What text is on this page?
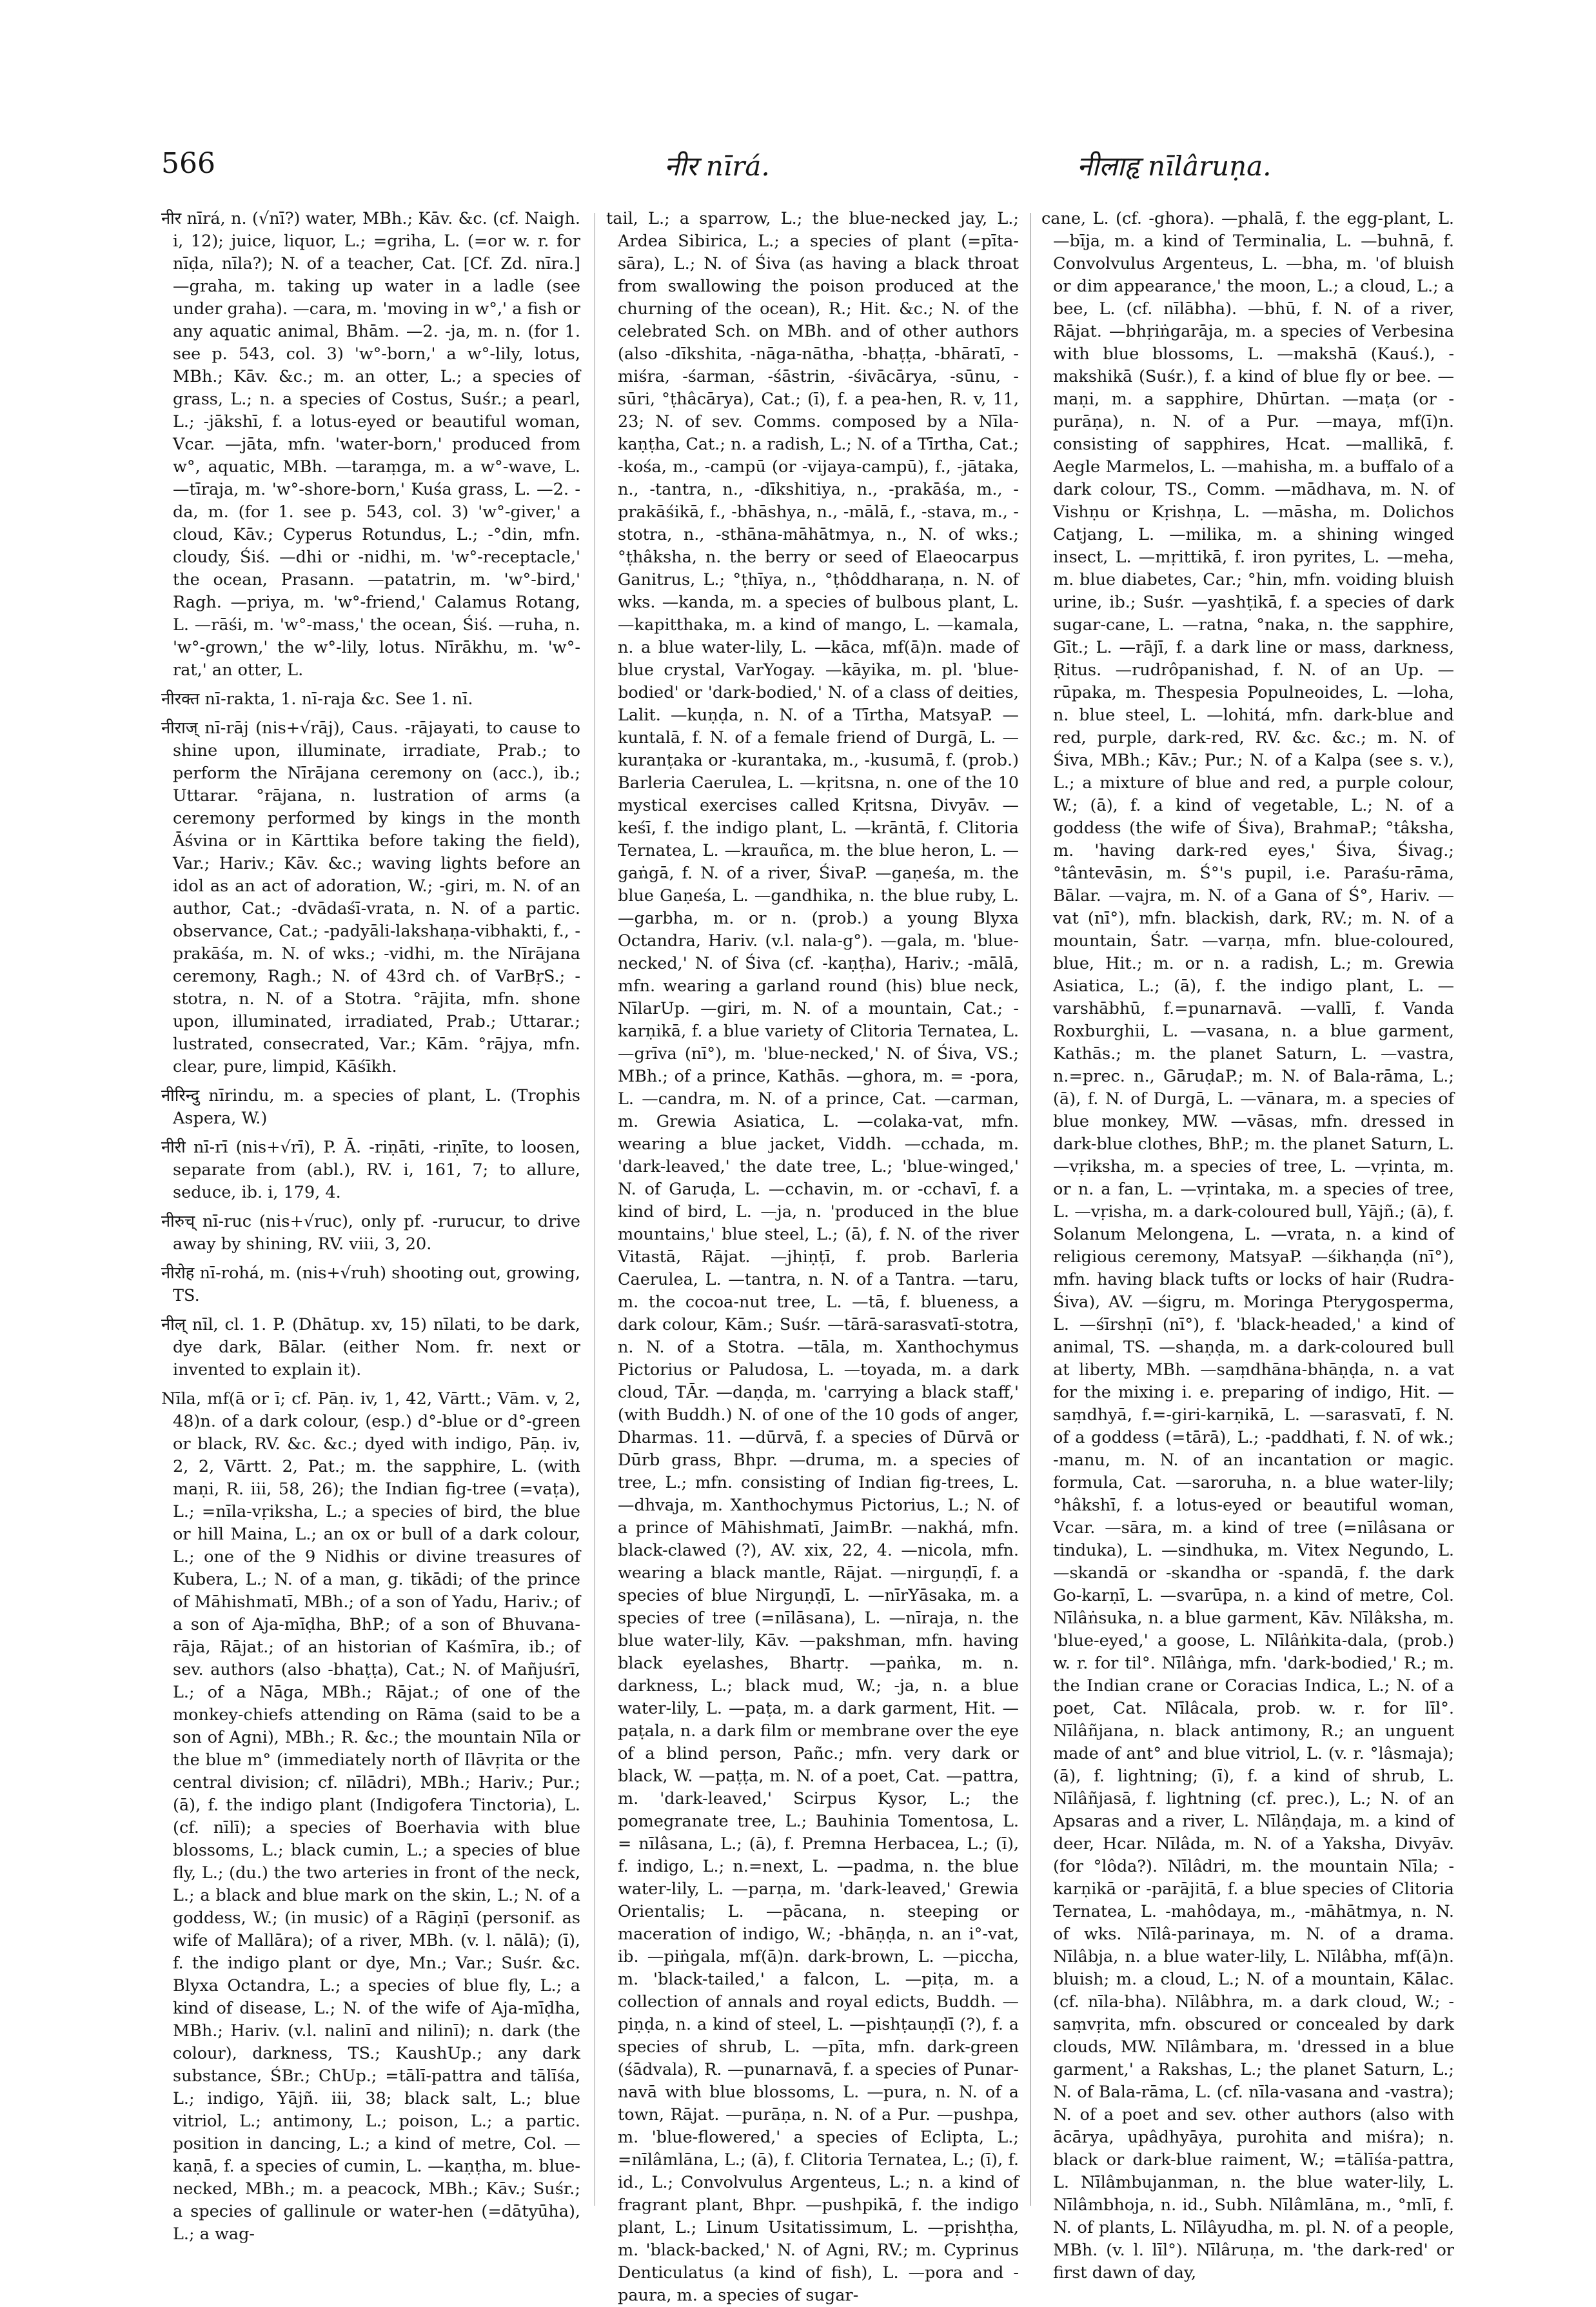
566	नीर nīrá.	नीलाहृ nīlâruṇa.

नीर nīrá, n. (√nī?) water, MBh.; Kāv. &c. (cf. Naigh. i, 12); juice, liquor, L.; =griha, L. (=or w. r. for nīḍa, nīla?); N. of a teacher, Cat. [Cf. Zd. nīra.] —graha, m. taking up water in a ladle (see under graha). —cara, m. 'moving in w°,' a fish or any aquatic animal, Bhām. —2. -ja, m. n. (for 1. see p. 543, col. 3) 'w°-born,' a w°-lily, lotus, MBh.; Kāv. &c.; m. an otter, L.; a species of grass, L.; n. a species of Costus, Suśr.; a pearl, L.; -jākshī, f. a lotus-eyed or beautiful woman, Vcar. —jāta, mfn. 'water-born,' produced from w°, aquatic, MBh. —taraṃga, m. a w°-wave, L. —tīraja, m. 'w°-shore-born,' Kuśa grass, L. —2. -da, m. (for 1. see p. 543, col. 3) 'w°-giver,' a cloud, Kāv.; Cyperus Rotundus, L.; -°din, mfn. cloudy, Śiś. —dhi or -nidhi, m. 'w°-receptacle,' the ocean, Prasann. —patatrin, m. 'w°-bird,' Ragh. —priya, m. 'w°-friend,' Calamus Rotang, L. —rāśi, m. 'w°-mass,' the ocean, Śiś. —ruha, n. 'w°-grown,' the w°-lily, lotus. Nīrākhu, m. 'w°-rat,' an otter, L.

नीरक्त nī-rakta, 1. nī-raja &c. See 1. nī.

नीराज् nī-rāj (nis+√rāj), Caus. -rājayati, to cause to shine upon, illuminate, irradiate, Prab.; to perform the Nīrājana ceremony on (acc.), ib.; Uttarar. °rājana, n. lustration of arms (a ceremony performed by kings in the month Āśvina or in Kārttika before taking the field), Var.; Hariv.; Kāv. &c.; waving lights before an idol as an act of adoration, W.; -giri, m. N. of an author, Cat.; -dvādaśī-vrata, n. N. of a partic. observance, Cat.; -padyāli-lakshaṇa-vibhakti, f., -prakāśa, m. N. of wks.; -vidhi, m. the Nīrājana ceremony, Ragh.; N. of 43rd ch. of VarBṛS.; -stotra, n. N. of a Stotra. °rājita, mfn. shone upon, illuminated, irradiated, Prab.; Uttarar.; lustrated, consecrated, Var.; Kām. °rājya, mfn. clear, pure, limpid, Kāśīkh.

नीरिन्दु nīrindu, m. a species of plant, L. (Trophis Aspera, W.)

नीरी nī-rī (nis+√rī), P. Ā. -riṇāti, -riṇīte, to loosen, separate from (abl.), RV. i, 161, 7; to allure, seduce, ib. i, 179, 4.

नीरुच् nī-ruc (nis+√ruc), only pf. -rurucur, to drive away by shining, RV. viii, 3, 20.

नीरोह nī-rohá, m. (nis+√ruh) shooting out, growing, TS.

नील् nīl, cl. 1. P. (Dhātup. xv, 15) nīlati, to be dark, dye dark, Bālar. (either Nom. fr. next or invented to explain it).

Nīla, mf(ā or ī; cf. Pāṇ. iv, 1, 42, Vārtt.; Vām. v, 2, 48)n. of a dark colour, (esp.) d°-blue or d°-green or black, RV. &c. &c.; dyed with indigo, Pāṇ. iv, 2, 2, Vārtt. 2, Pat.; m. the sapphire, L. (with maṇi, R. iii, 58, 26); the Indian fig-tree (=vaṭa), L.; =nīla-vṛiksha, L.; a species of bird, the blue or hill Maina, L.; an ox or bull of a dark colour, L.; one of the 9 Nidhis or divine treasures of Kubera, L.; N. of a man, g. tikādi; of the prince of Māhishmatī, MBh.; of a son of Yadu, Hariv.; of a son of Aja-mīḍha, BhP.; of a son of Bhuvana-rāja, Rājat.; of an historian of Kaśmīra, ib.; of sev. authors (also -bhaṭṭa), Cat.; N. of Mañjuśrī, L.; of a Nāga, MBh.; Rājat.; of one of the monkey-chiefs attending on Rāma (said to be a son of Agni), MBh.; R. &c.; the mountain Nīla or the blue m° (immediately north of Ilāvṛita or the central division; cf. nīlādri), MBh.; Hariv.; Pur.; (ā), f. the indigo plant (Indigofera Tinctoria), L. (cf. nīlī); a species of Boerhavia with blue blossoms, L.; black cumin, L.; a species of blue fly, L.; (du.) the two arteries in front of the neck, L.; a black and blue mark on the skin, L.; N. of a goddess, W.; (in music) of a Rāgiṇī (personif. as wife of Mallāra); of a river, MBh. (v. l. nālā); (ī), f. the indigo plant or dye, Mn.; Var.; Suśr. &c. Blyxa Octandra, L.; a species of blue fly, L.; a kind of disease, L.; N. of the wife of Aja-mīḍha, MBh.; Hariv. (v.l. nalinī and nilinī); n. dark (the colour), darkness, TS.; KaushUp.; any dark substance, ŚBr.; ChUp.; =tālī-pattra and tālīśa, L.; indigo, Yājñ. iii, 38; black salt, L.; blue vitriol, L.; antimony, L.; poison, L.; a partic. position in dancing, L.; a kind of metre, Col. —kaṇā, f. a species of cumin, L. —kaṇṭha, m. blue-necked, MBh.; m. a peacock, MBh.; Kāv.; Suśr.; a species of gallinule or water-hen (=dātyūha), L.; a wag-

tail, L.; a sparrow, L.; the blue-necked jay, L.; Ardea Sibirica, L.; a species of plant (=pīta-sāra), L.; N. of Śiva (as having a black throat from swallowing the poison produced at the churning of the ocean), R.; Hit. &c.; N. of the celebrated Sch. on MBh. and of other authors (also -dīkshita, -nāga-nātha, -bhaṭṭa, -bhāratī, -miśra, -śarman, -śāstrin, -śivācārya, -sūnu, -sūri, °ṭhâcārya), Cat.; (ī), f. a pea-hen, R. v, 11, 23; N. of sev. Comms. composed by a Nīla-kaṇṭha, Cat.; n. a radish, L.; N. of a Tīrtha, Cat.; -kośa, m., -campū (or -vijaya-campū), f., -jātaka, n., -tantra, n., -dīkshitiya, n., -prakāśa, m., -prakāśikā, f., -bhāshya, n., -mālā, f., -stava, m., -stotra, n., -sthāna-māhātmya, n., N. of wks.; °ṭhâksha, n. the berry or seed of Elaeocarpus Ganitrus, L.; °ṭhīya, n., °ṭhôddharaṇa, n. N. of wks. —kanda, m. a species of bulbous plant, L. —kapitthaka, m. a kind of mango, L. —kamala, n. a blue water-lily, L. —kāca, mf(ā)n. made of blue crystal, VarYogay. —kāyika, m. pl. 'blue-bodied' or 'dark-bodied,' N. of a class of deities, Lalit. —kuṇḍa, n. N. of a Tīrtha, MatsyaP. —kuntalā, f. N. of a female friend of Durgā, L. —kuranṭaka or -kurantaka, m., -kusumā, f. (prob.) Barleria Caerulea, L. —kṛitsna, n. one of the 10 mystical exercises called Kṛitsna, Divyāv. —keśī, f. the indigo plant, L. —krāntā, f. Clitoria Ternatea, L. —krauñca, m. the blue heron, L. —gaṅgā, f. N. of a river, ŚivaP. —gaṇeśa, m. the blue Gaṇeśa, L. —gandhika, n. the blue ruby, L. —garbha, m. or n. (prob.) a young Blyxa Octandra, Hariv. (v.l. nala-g°). —gala, m. 'blue-necked,' N. of Śiva (cf. -kaṇṭha), Hariv.; -mālā, mfn. wearing a garland round (his) blue neck, NīlarUp. —giri, m. N. of a mountain, Cat.; -karṇikā, f. a blue variety of Clitoria Ternatea, L. —grīva (nī°), m. 'blue-necked,' N. of Śiva, VS.; MBh.; of a prince, Kathās. —ghora, m. = -pora, L. —candra, m. N. of a prince, Cat. —carman, m. Grewia Asiatica, L. —colaka-vat, mfn. wearing a blue jacket, Viddh. —cchada, m. 'dark-leaved,' the date tree, L.; 'blue-winged,' N. of Garuḍa, L. —cchavin, m. or -cchavī, f. a kind of bird, L. —ja, n. 'produced in the blue mountains,' blue steel, L.; (ā), f. N. of the river Vitastā, Rājat. —jhiṇṭī, f. prob. Barleria Caerulea, L. —tantra, n. N. of a Tantra. —taru, m. the cocoa-nut tree, L. —tā, f. blueness, a dark colour, Kām.; Suśr. —tārā-sarasvatī-stotra, n. N. of a Stotra. —tāla, m. Xanthochymus Pictorius or Paludosa, L. —toyada, m. a dark cloud, TĀr. —daṇḍa, m. 'carrying a black staff,' (with Buddh.) N. of one of the 10 gods of anger, Dharmas. 11. —dūrvā, f. a species of Dūrvā or Dūrb grass, Bhpr. —druma, m. a species of tree, L.; mfn. consisting of Indian fig-trees, L. —dhvaja, m. Xanthochymus Pictorius, L.; N. of a prince of Māhishmatī, JaimBr. —nakhá, mfn. black-clawed (?), AV. xix, 22, 4. —nicola, mfn. wearing a black mantle, Rājat. —nirguṇḍī, f. a species of blue Nirguṇḍī, L. —nīrYāsaka, m. a species of tree (=nīlāsana), L. —nīraja, n. the blue water-lily, Kāv. —pakshman, mfn. having black eyelashes, Bhartṛ. —paṅka, m. n. darkness, L.; black mud, W.; -ja, n. a blue water-lily, L. —paṭa, m. a dark garment, Hit. —paṭala, n. a dark film or membrane over the eye of a blind person, Pañc.; mfn. very dark or black, W. —paṭṭa, m. N. of a poet, Cat. —pattra, m. 'dark-leaved,' Scirpus Kysor, L.; the pomegranate tree, L.; Bauhinia Tomentosa, L. = nīlâsana, L.; (ā), f. Premna Herbacea, L.; (ī), f. indigo, L.; n.=next, L. —padma, n. the blue water-lily, L. —parṇa, m. 'dark-leaved,' Grewia Orientalis; L. —pācana, n. steeping or maceration of indigo, W.; -bhāṇḍa, n. an i°-vat, ib. —piṅgala, mf(ā)n. dark-brown, L. —piccha, m. 'black-tailed,' a falcon, L. —piṭa, m. a collection of annals and royal edicts, Buddh. —piṇḍa, n. a kind of steel, L. —pishṭauṇḍī (?), f. a species of shrub, L. —pīta, mfn. dark-green (śādvala), R. —punarnavā, f. a species of Punar-navā with blue blossoms, L. —pura, n. N. of a town, Rājat. —purāṇa, n. N. of a Pur. —pushpa, m. 'blue-flowered,' a species of Eclipta, L.; =nīlâmlāna, L.; (ā), f. Clitoria Ternatea, L.; (ī), f. id., L.; Convolvulus Argenteus, L.; n. a kind of fragrant plant, Bhpr. —pushpikā, f. the indigo plant, L.; Linum Usitatissimum, L. —pṛishṭha, m. 'black-backed,' N. of Agni, RV.; m. Cyprinus Denticulatus (a kind of fish), L. —pora and -paura, m. a species of sugar-

cane, L. (cf. -ghora). —phalā, f. the egg-plant, L. —bīja, m. a kind of Terminalia, L. —buhnā, f. Convolvulus Argenteus, L. —bha, m. 'of bluish or dim appearance,' the moon, L.; a cloud, L.; a bee, L. (cf. nīlābha). —bhū, f. N. of a river, Rājat. —bhṛiṅgarāja, m. a species of Verbesina with blue blossoms, L. —makshā (Kauś.), -makshikā (Suśr.), f. a kind of blue fly or bee. —maṇi, m. a sapphire, Dhūrtan. —maṭa (or -purāṇa), n. N. of a Pur. —maya, mf(ī)n. consisting of sapphires, Hcat. —mallikā, f. Aegle Marmelos, L. —mahisha, m. a buffalo of a dark colour, TS., Comm. —mādhava, m. N. of Vishṇu or Kṛishṇa, L. —māsha, m. Dolichos Catjang, L. —milika, m. a shining winged insect, L. —mṛittikā, f. iron pyrites, L. —meha, m. blue diabetes, Car.; °hin, mfn. voiding bluish urine, ib.; Suśr. —yashṭikā, f. a species of dark sugar-cane, L. —ratna, °naka, n. the sapphire, Gīt.; L. —rājī, f. a dark line or mass, darkness, Ṛitus. —rudrôpanishad, f. N. of an Up. —rūpaka, m. Thespesia Populneoides, L. —loha, n. blue steel, L. —lohitá, mfn. dark-blue and red, purple, dark-red, RV. &c. &c.; m. N. of Śiva, MBh.; Kāv.; Pur.; N. of a Kalpa (see s. v.), L.; a mixture of blue and red, a purple colour, W.; (ā), f. a kind of vegetable, L.; N. of a goddess (the wife of Śiva), BrahmaP.; °tâksha, m. 'having dark-red eyes,' Śiva, Śivag.; °tântevāsin, m. Ś°'s pupil, i.e. Paraśu-rāma, Bālar. —vajra, m. N. of a Gana of Ś°, Hariv. —vat (nī°), mfn. blackish, dark, RV.; m. N. of a mountain, Śatr. —varṇa, mfn. blue-coloured, blue, Hit.; m. or n. a radish, L.; m. Grewia Asiatica, L.; (ā), f. the indigo plant, L. —varshābhū, f.=punarnavā. —vallī, f. Vanda Roxburghii, L. —vasana, n. a blue garment, Kathās.; m. the planet Saturn, L. —vastra, n.=prec. n., GāruḍaP.; m. N. of Bala-rāma, L.; (ā), f. N. of Durgā, L. —vānara, m. a species of blue monkey, MW. —vāsas, mfn. dressed in dark-blue clothes, BhP.; m. the planet Saturn, L. —vṛiksha, m. a species of tree, L. —vṛinta, m. or n. a fan, L. —vṛintaka, m. a species of tree, L. —vṛisha, m. a dark-coloured bull, Yājñ.; (ā), f. Solanum Melongena, L. —vrata, n. a kind of religious ceremony, MatsyaP. —śikhaṇḍa (nī°), mfn. having black tufts or locks of hair (Rudra-Śiva), AV. —śigru, m. Moringa Pterygosperma, L. —śīrshṇī (nī°), f. 'black-headed,' a kind of animal, TS. —shaṇḍa, m. a dark-coloured bull at liberty, MBh. —saṃdhāna-bhāṇḍa, n. a vat for the mixing i. e. preparing of indigo, Hit. —saṃdhyā, f.=-giri-karṇikā, L. —sarasvatī, f. N. of a goddess (=tārā), L.; -paddhati, f. N. of wk.; -manu, m. N. of an incantation or magic. formula, Cat. —saroruha, n. a blue water-lily; °hâkshī, f. a lotus-eyed or beautiful woman, Vcar. —sāra, m. a kind of tree (=nīlâsana or tinduka), L. —sindhuka, m. Vitex Negundo, L. —skandā or -skandha or -spandā, f. the dark Go-karṇī, L. —svarūpa, n. a kind of metre, Col. Nīlâṅsuka, n. a blue garment, Kāv. Nīlâksha, m. 'blue-eyed,' a goose, L. Nīlâṅkita-dala, (prob.) w. r. for til°. Nīlâṅga, mfn. 'dark-bodied,' R.; m. the Indian crane or Coracias Indica, L.; N. of a poet, Cat. Nīlâcala, prob. w. r. for līl°. Nīlâñjana, n. black antimony, R.; an unguent made of ant° and blue vitriol, L. (v. r. °lâsmaja); (ā), f. lightning; (ī), f. a kind of shrub, L. Nīlâñjasā, f. lightning (cf. prec.), L.; N. of an Apsaras and a river, L. Nīlâṇḍaja, m. a kind of deer, Hcar. Nīlâda, m. N. of a Yaksha, Divyāv. (for °lôda?). Nīlâdri, m. the mountain Nīla; -karṇikā or -parājitā, f. a blue species of Clitoria Ternatea, L. -mahôdaya, m., -māhātmya, n. N. of wks. Nīlâ-parinaya, m. N. of a drama. Nīlâbja, n. a blue water-lily, L. Nīlâbha, mf(ā)n. bluish; m. a cloud, L.; N. of a mountain, Kālac. (cf. nīla-bha). Nīlâbhra, m. a dark cloud, W.; -saṃvṛita, mfn. obscured or concealed by dark clouds, MW. Nīlâmbara, m. 'dressed in a blue garment,' a Rakshas, L.; the planet Saturn, L.; N. of Bala-rāma, L. (cf. nīla-vasana and -vastra); N. of a poet and sev. other authors (also with ācārya, upâdhyāya, purohita and miśra); n. black or dark-blue raiment, W.; =tālīśa-pattra, L. Nīlâmbujanman, n. the blue water-lily, L. Nīlâmbhoja, n. id., Subh. Nīlâmlāna, m., °mlī, f. N. of plants, L. Nīlâyudha, m. pl. N. of a people, MBh. (v. l. līl°). Nīlâruṇa, m. 'the dark-red' or first dawn of day,
